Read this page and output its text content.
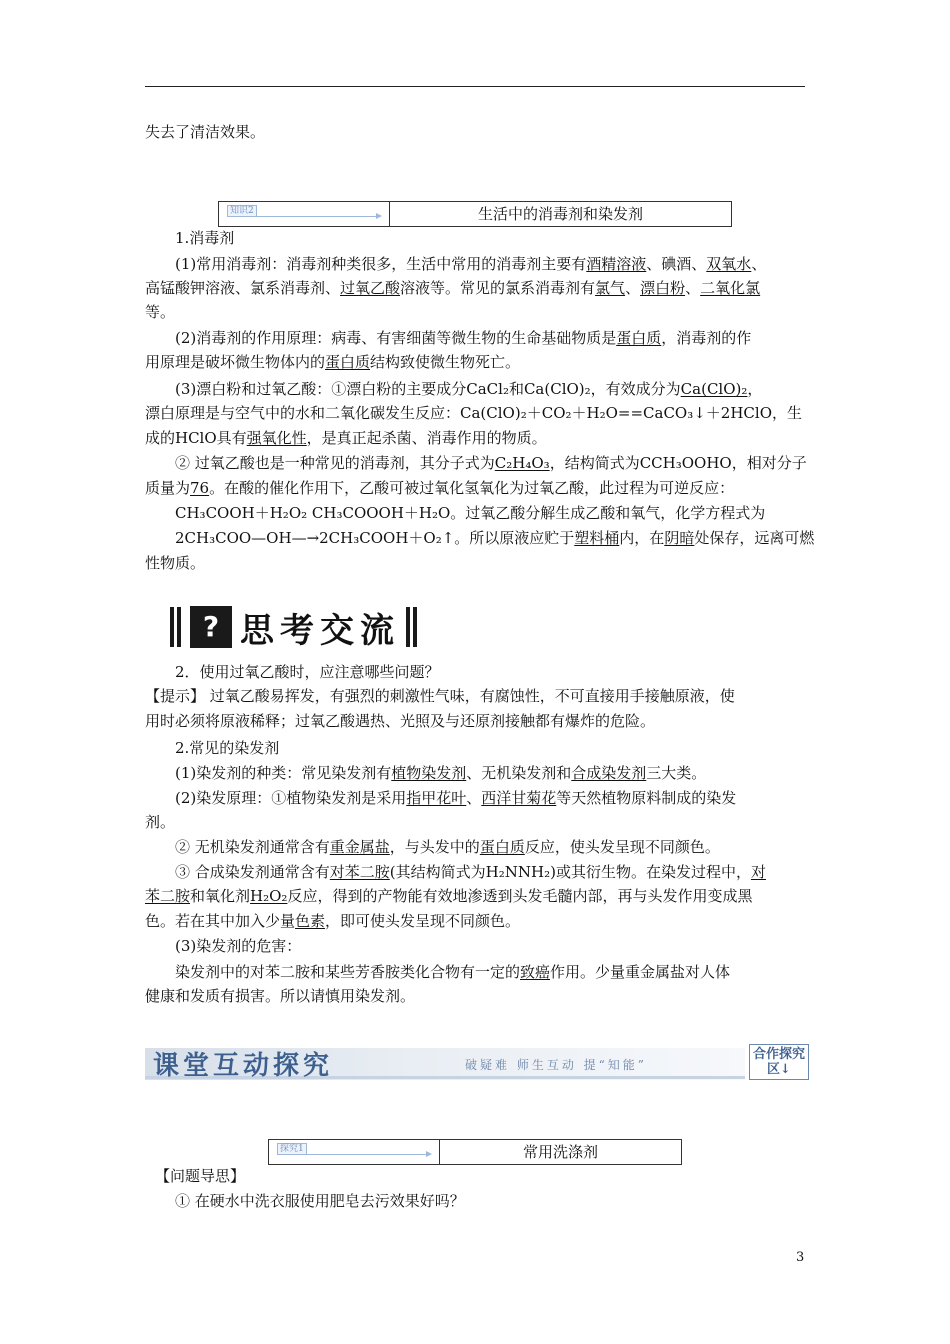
失去了清洁效果。
知识2	生活中的消毒剂和染发剂
1.消毒剂
(1)常用消毒剂：消毒剂种类很多，生活中常用的消毒剂主要有酒精溶液、碘酒、双氧水、
高锰酸钾溶液、氯系消毒剂、过氧乙酸溶液等。常见的氯系消毒剂有氯气、漂白粉、二氧化氯
等。
(2)消毒剂的作用原理：病毒、有害细菌等微生物的生命基础物质是蛋白质，消毒剂的作
用原理是破坏微生物体内的蛋白质结构致使微生物死亡。
(3)漂白粉和过氧乙酸：①漂白粉的主要成分CaCl₂和Ca(ClO)₂，有效成分为Ca(ClO)₂，
漂白原理是与空气中的水和二氧化碳发生反应：Ca(ClO)₂＋CO₂＋H₂O==CaCO₃↓＋2HClO，生
成的HClO具有强氧化性，是真正起杀菌、消毒作用的物质。
② 过氧乙酸也是一种常见的消毒剂，其分子式为C₂H₄O₃，结构简式为CCH₃OOHO，相对分子
质量为76。在酸的催化作用下，乙酸可被过氧化氢氧化为过氧乙酸，此过程为可逆反应：
CH₃COOH＋H₂O₂ CH₃COOOH＋H₂O。过氧乙酸分解生成乙酸和氧气，化学方程式为
2CH₃COO—OH—→2CH₃COOH＋O₂↑。所以原液应贮于塑料桶内，在阴暗处保存，远离可燃
性物质。
? 思考交流
2．使用过氧乙酸时，应注意哪些问题？
【提示】 过氧乙酸易挥发，有强烈的刺激性气味，有腐蚀性，不可直接用手接触原液，使
用时必须将原液稀释；过氧乙酸遇热、光照及与还原剂接触都有爆炸的危险。
2.常见的染发剂
(1)染发剂的种类：常见染发剂有植物染发剂、无机染发剂和合成染发剂三大类。
(2)染发原理：①植物染发剂是采用指甲花叶、西洋甘菊花等天然植物原料制成的染发
剂。
② 无机染发剂通常含有重金属盐，与头发中的蛋白质反应，使头发呈现不同颜色。
③ 合成染发剂通常含有对苯二胺(其结构简式为H₂NNH₂)或其衍生物。在染发过程中，对
苯二胺和氧化剂H₂O₂反应，得到的产物能有效地渗透到头发毛髓内部，再与头发作用变成黑
色。若在其中加入少量色素，即可使头发呈现不同颜色。
(3)染发剂的危害：
染发剂中的对苯二胺和某些芳香胺类化合物有一定的致癌作用。少量重金属盐对人体
健康和发质有损害。所以请慎用染发剂。
课堂互动探究	破疑难 师生互动 提“知能”
合作探究区↓
探究1	常用洗涤剂
【问题导思】
① 在硬水中洗衣服使用肥皂去污效果好吗？
3
